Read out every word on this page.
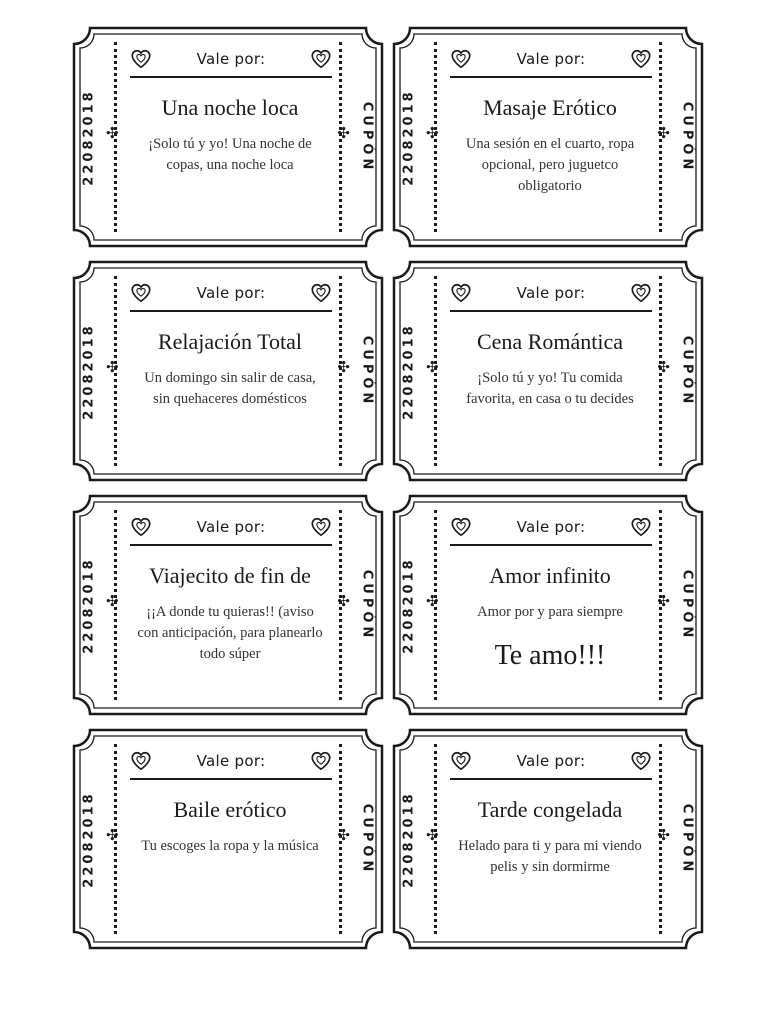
22082018 ✣	✣ CUPÓN
Vale por:
Una noche loca
¡Solo tú y yo! Una noche de copas, una noche loca	22082018 ✣	✣ CUPÓN
Vale por:
Masaje Erótico
Una sesión en el cuarto, ropa opcional, pero juguetco obligatorio
22082018 ✣	✣ CUPÓN
Vale por:
Relajación Total
Un domingo sin salir de casa, sin quehaceres domésticos	22082018 ✣	✣ CUPÓN
Vale por:
Cena Romántica
¡Solo tú y yo! Tu comida favorita, en casa o tu decides
22082018 ✣	✣ CUPÓN
Vale por:
Viajecito de fin de
¡¡A donde tu quieras!! (aviso con anticipación, para planearlo todo súper
22082018 ✣	✣ CUPÓN
Vale por:
Amor infinito
Amor por y para siempre
Te amo!!!
22082018 ✣	✣ CUPÓN
Vale por:
Baile erótico
Tu escoges la ropa y la música	22082018 ✣	✣ CUPÓN
Vale por:
Tarde congelada
Helado para ti y para mi viendo pelis y sin dormirme
